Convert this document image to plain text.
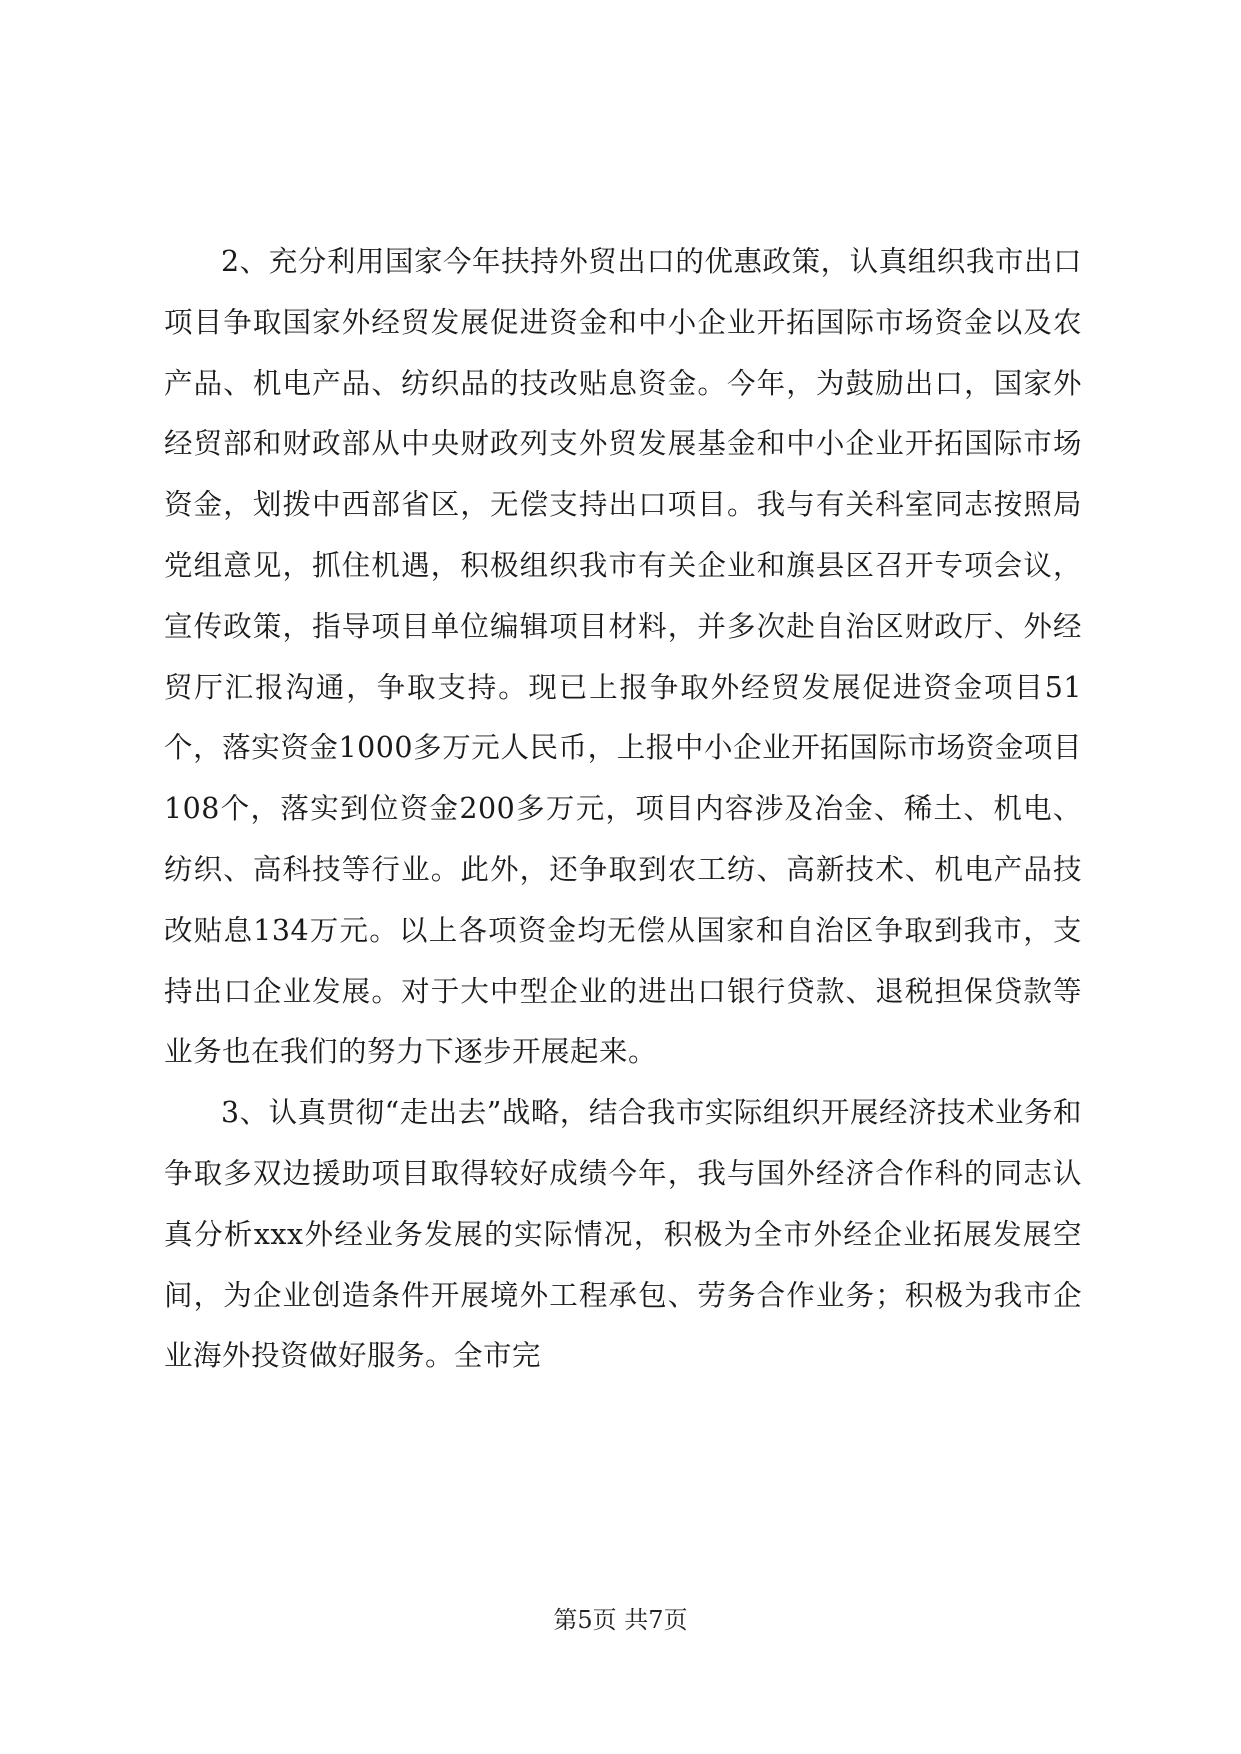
2、充分利用国家今年扶持外贸出口的优惠政策，认真组织我市出口项目争取国家外经贸发展促进资金和中小企业开拓国际市场资金以及农产品、机电产品、纺织品的技改贴息资金。今年，为鼓励出口，国家外经贸部和财政部从中央财政列支外贸发展基金和中小企业开拓国际市场资金，划拨中西部省区，无偿支持出口项目。我与有关科室同志按照局党组意见，抓住机遇，积极组织我市有关企业和旗县区召开专项会议，宣传政策，指导项目单位编辑项目材料，并多次赴自治区财政厅、外经贸厅汇报沟通，争取支持。现已上报争取外经贸发展促进资金项目51个，落实资金1000多万元人民币，上报中小企业开拓国际市场资金项目108个，落实到位资金200多万元，项目内容涉及冶金、稀土、机电、纺织、高科技等行业。此外，还争取到农工纺、高新技术、机电产品技改贴息134万元。以上各项资金均无偿从国家和自治区争取到我市，支持出口企业发展。对于大中型企业的进出口银行贷款、退税担保贷款等业务也在我们的努力下逐步开展起来。

3、认真贯彻“走出去”战略，结合我市实际组织开展经济技术业务和争取多双边援助项目取得较好成绩今年，我与国外经济合作科的同志认真分析xxx外经业务发展的实际情况，积极为全市外经企业拓展发展空间，为企业创造条件开展境外工程承包、劳务合作业务；积极为我市企业海外投资做好服务。全市完

第5页 共7页
